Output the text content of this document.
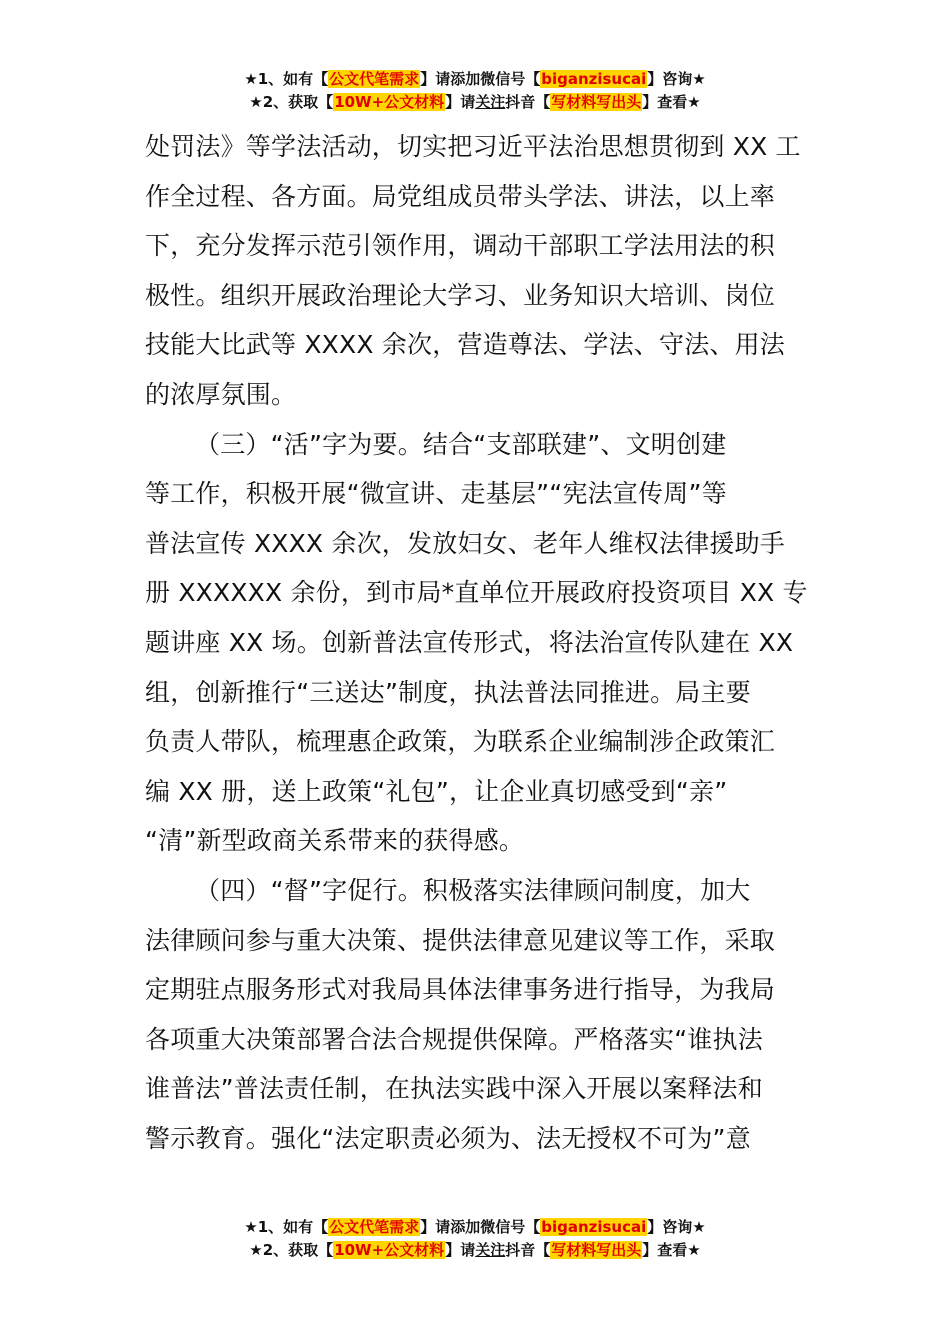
★1、如有【公文代笔需求】请添加微信号【biganzisucai】咨询★
★2、获取【10W+公文材料】请关注抖音【写材料写出头】查看★
处罚法》等学法活动，切实把习近平法治思想贯彻到 XX 工
作全过程、各方面。局党组成员带头学法、讲法，以上率
下，充分发挥示范引领作用，调动干部职工学法用法的积
极性。组织开展政治理论大学习、业务知识大培训、岗位
技能大比武等 XXXX 余次，营造尊法、学法、守法、用法
的浓厚氛围。
（三）“活”字为要。结合“支部联建”、文明创建
等工作，积极开展“微宣讲、走基层”“宪法宣传周”等
普法宣传 XXXX 余次，发放妇女、老年人维权法律援助手
册 XXXXXX 余份，到市局*直单位开展政府投资项目 XX 专
题讲座 XX 场。创新普法宣传形式，将法治宣传队建在 XX
组，创新推行“三送达”制度，执法普法同推进。局主要
负责人带队，梳理惠企政策，为联系企业编制涉企政策汇
编 XX 册，送上政策“礼包”，让企业真切感受到“亲”
“清”新型政商关系带来的获得感。
（四）“督”字促行。积极落实法律顾问制度，加大
法律顾问参与重大决策、提供法律意见建议等工作，采取
定期驻点服务形式对我局具体法律事务进行指导，为我局
各项重大决策部署合法合规提供保障。严格落实“谁执法
谁普法”普法责任制，在执法实践中深入开展以案释法和
警示教育。强化“法定职责必须为、法无授权不可为”意
★1、如有【公文代笔需求】请添加微信号【biganzisucai】咨询★
★2、获取【10W+公文材料】请关注抖音【写材料写出头】查看★
